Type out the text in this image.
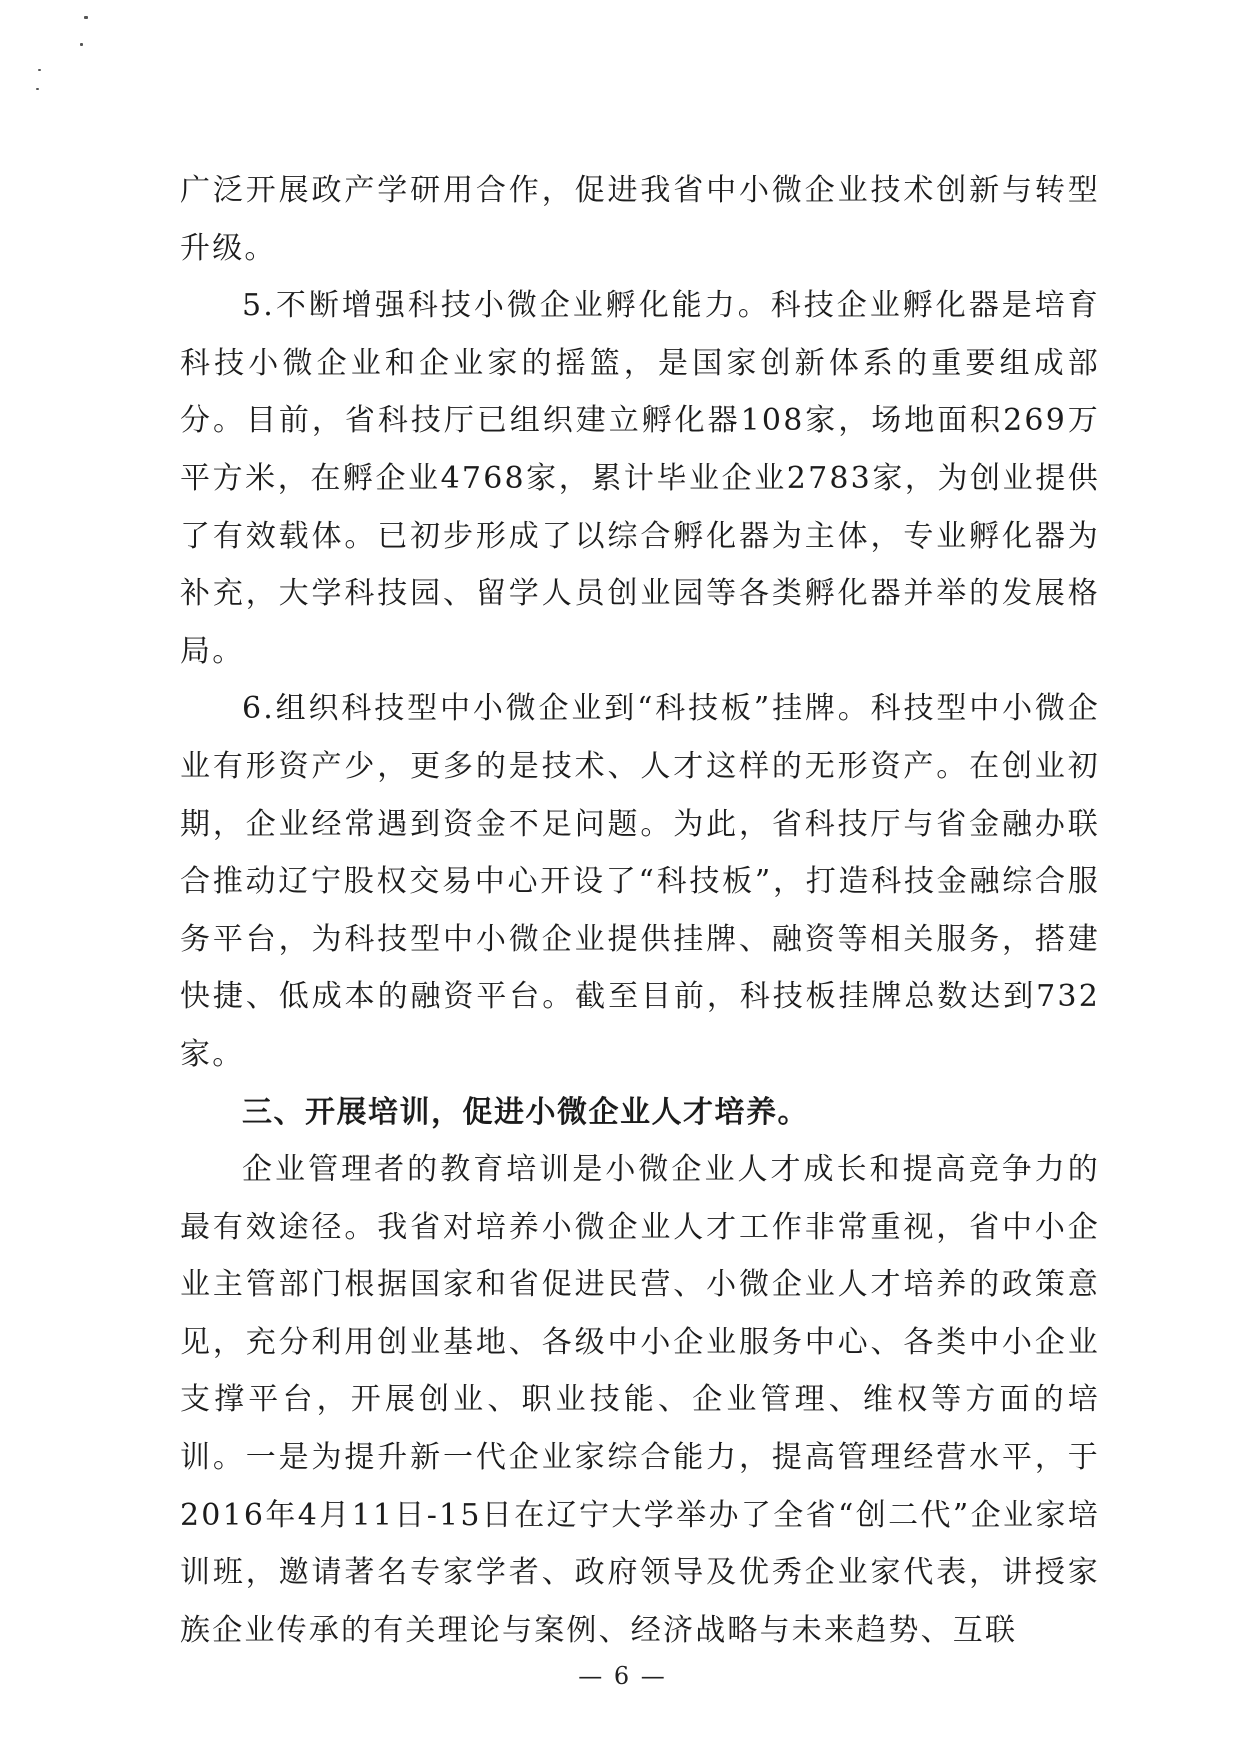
广泛开展政产学研用合作，促进我省中小微企业技术创新与转型升级。

5.不断增强科技小微企业孵化能力。科技企业孵化器是培育科技小微企业和企业家的摇篮，是国家创新体系的重要组成部分。目前，省科技厅已组织建立孵化器108家，场地面积269万平方米，在孵企业4768家，累计毕业企业2783家，为创业提供了有效载体。已初步形成了以综合孵化器为主体，专业孵化器为补充，大学科技园、留学人员创业园等各类孵化器并举的发展格局。

6.组织科技型中小微企业到“科技板”挂牌。科技型中小微企业有形资产少，更多的是技术、人才这样的无形资产。在创业初期，企业经常遇到资金不足问题。为此，省科技厅与省金融办联合推动辽宁股权交易中心开设了“科技板”，打造科技金融综合服务平台，为科技型中小微企业提供挂牌、融资等相关服务，搭建快捷、低成本的融资平台。截至目前，科技板挂牌总数达到732家。

三、开展培训，促进小微企业人才培养。

企业管理者的教育培训是小微企业人才成长和提高竞争力的最有效途径。我省对培养小微企业人才工作非常重视，省中小企业主管部门根据国家和省促进民营、小微企业人才培养的政策意见，充分利用创业基地、各级中小企业服务中心、各类中小企业支撑平台，开展创业、职业技能、企业管理、维权等方面的培训。一是为提升新一代企业家综合能力，提高管理经营水平，于2016年4月11日-15日在辽宁大学举办了全省“创二代”企业家培训班，邀请著名专家学者、政府领导及优秀企业家代表，讲授家族企业传承的有关理论与案例、经济战略与未来趋势、互联

— 6 —
